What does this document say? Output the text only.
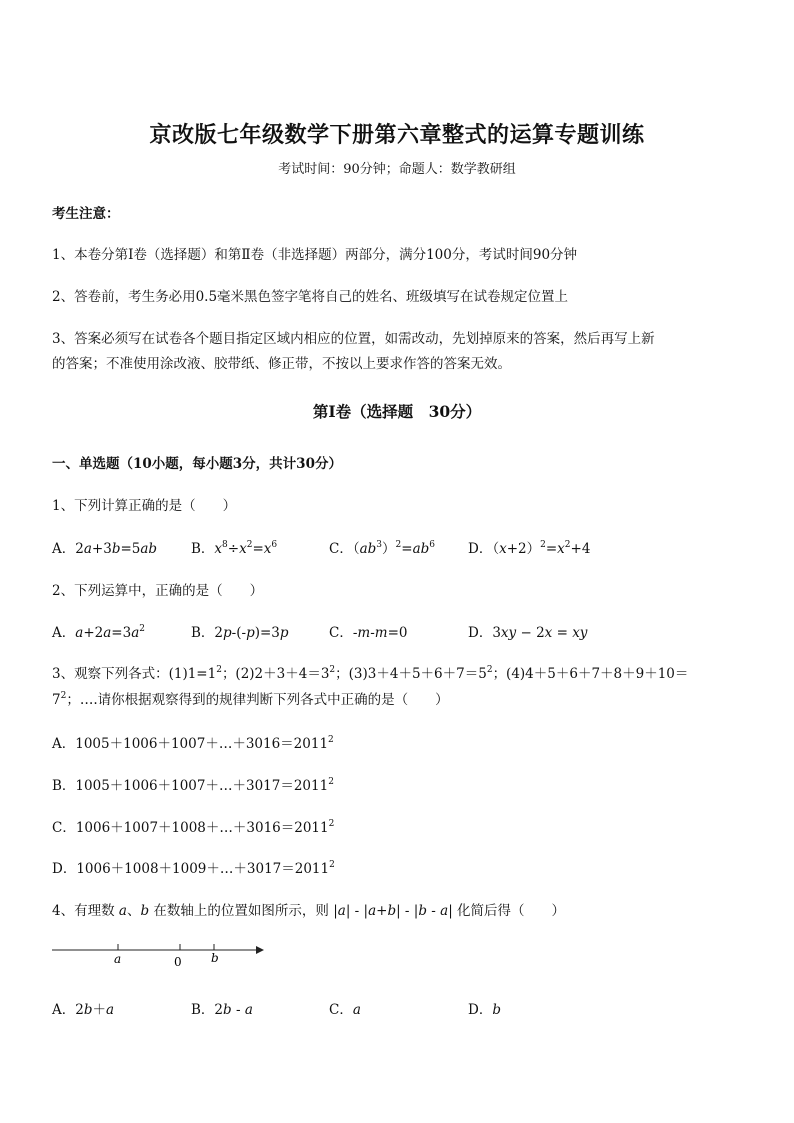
京改版七年级数学下册第六章整式的运算专题训练
考试时间：90分钟；命题人：数学教研组
考生注意：
1、本卷分第Ⅰ卷（选择题）和第Ⅱ卷（非选择题）两部分，满分100分，考试时间90分钟
2、答卷前，考生务必用0.5毫米黑色签字笔将自己的姓名、班级填写在试卷规定位置上
3、答案必须写在试卷各个题目指定区域内相应的位置，如需改动，先划掉原来的答案，然后再写上新
的答案；不准使用涂改液、胶带纸、修正带，不按以上要求作答的答案无效。
第Ⅰ卷（选择题　30分）
一、单选题（10小题，每小题3分，共计30分）
1、下列计算正确的是（　　）
A．2a+3b=5ab	B．$x^8\div x^2=x^6$	C．$(ab^3)^2=ab^6$ D．$(x+2)^2=x^2+4$
2、下列运算中，正确的是（　　）
A．$a+2a=3a^2$	B．2p-(-p)=3p	C．-m-m=0	D．3xy − 2x = xy
3、观察下列各式：$(1)1=1^2$；$(2)2+3+4=3^2$；$(3)3+4+5+6+7=5^2$；(4)4＋5＋6＋7＋8＋9＋10＝
$7^2$；….请你根据观察得到的规律判断下列各式中正确的是（　　）
A．$1005+1006+1007+\dots+3016=2011^2$
B．$1005+1006+1007+\dots+3017=2011^2$
C．$1006+1007+1008+\dots+3016=2011^2$
D．$1006+1008+1009+\dots+3017=2011^2$
4、有理数 a、b 在数轴上的位置如图所示，则 |a| - |a+b| - |b - a| 化简后得（　　）
a	0 b
A．2b＋a	B．2b - a	C．a	D．b
